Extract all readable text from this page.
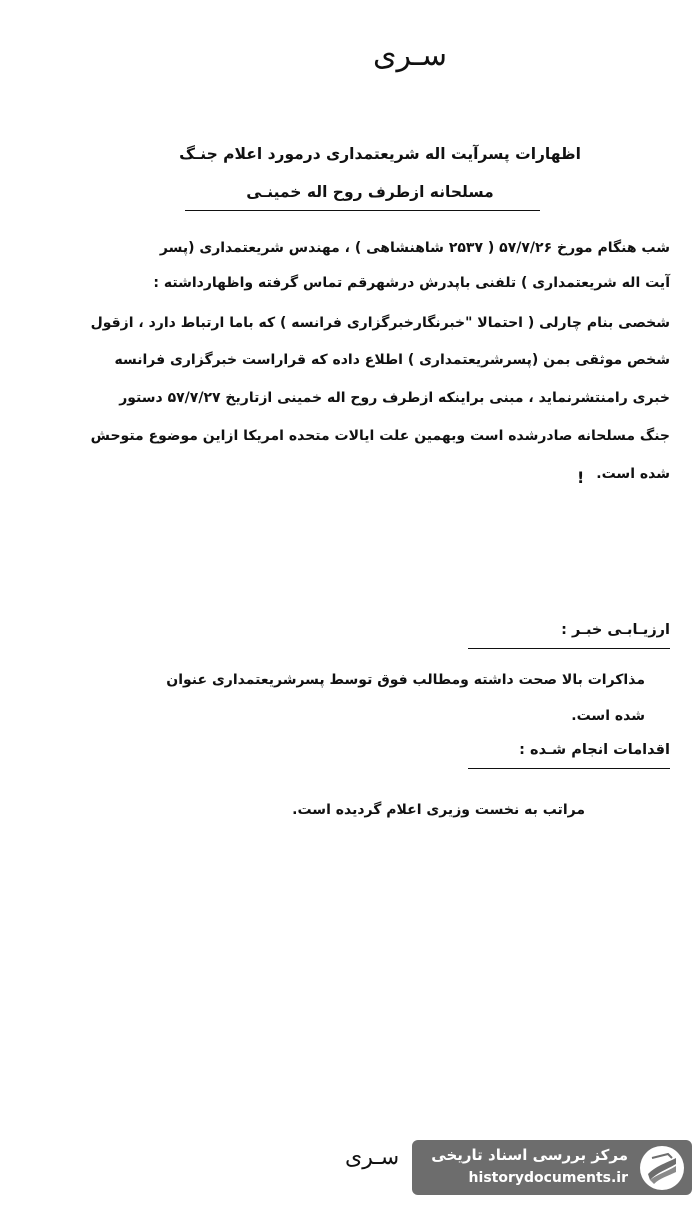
سـرى
اظهارات پسرآیت اله شریعتمداری درمورد اعلام جنـگ
مسلحانه ازطرف روح اله خمینـی
شب هنگام مورخ ۵۷/۷/۲۶ ( ۲۵۳۷ شاهنشاهی ) ، مهندس شریعتمداری (پسر
آیت اله شریعتمداری ) تلفنی باپدرش درشهرقم تماس گرفته واظهارداشته :
شخصی بنام چارلی ( احتمالا "خبرنگارخبرگزاری فرانسه ) که باما ارتباط دارد ، ازقول
شخص موثقی بمن (پسرشریعتمداری ) اطلاع داده که قراراست خبرگزاری فرانسه
خبری رامنتشرنماید ، مبنی براینکه ازطرف روح اله خمینی ازتاریخ ۵۷/۷/۲۷ دستور
جنگ مسلحانه صادرشده است وبهمین علت ایالات متحده امریکا ازاین موضوع متوحش
شده است.
!
ارزیـابـی خبـر :
مذاکرات بالا صحت داشته ومطالب فوق توسط پسرشریعتمداری عنوان
شده است.
اقدامات انجام شـده :
مراتب به نخست وزیری اعلام گردیده است.
سـرى مرکز بررسی اسناد تاریخی
historydocuments.ir
